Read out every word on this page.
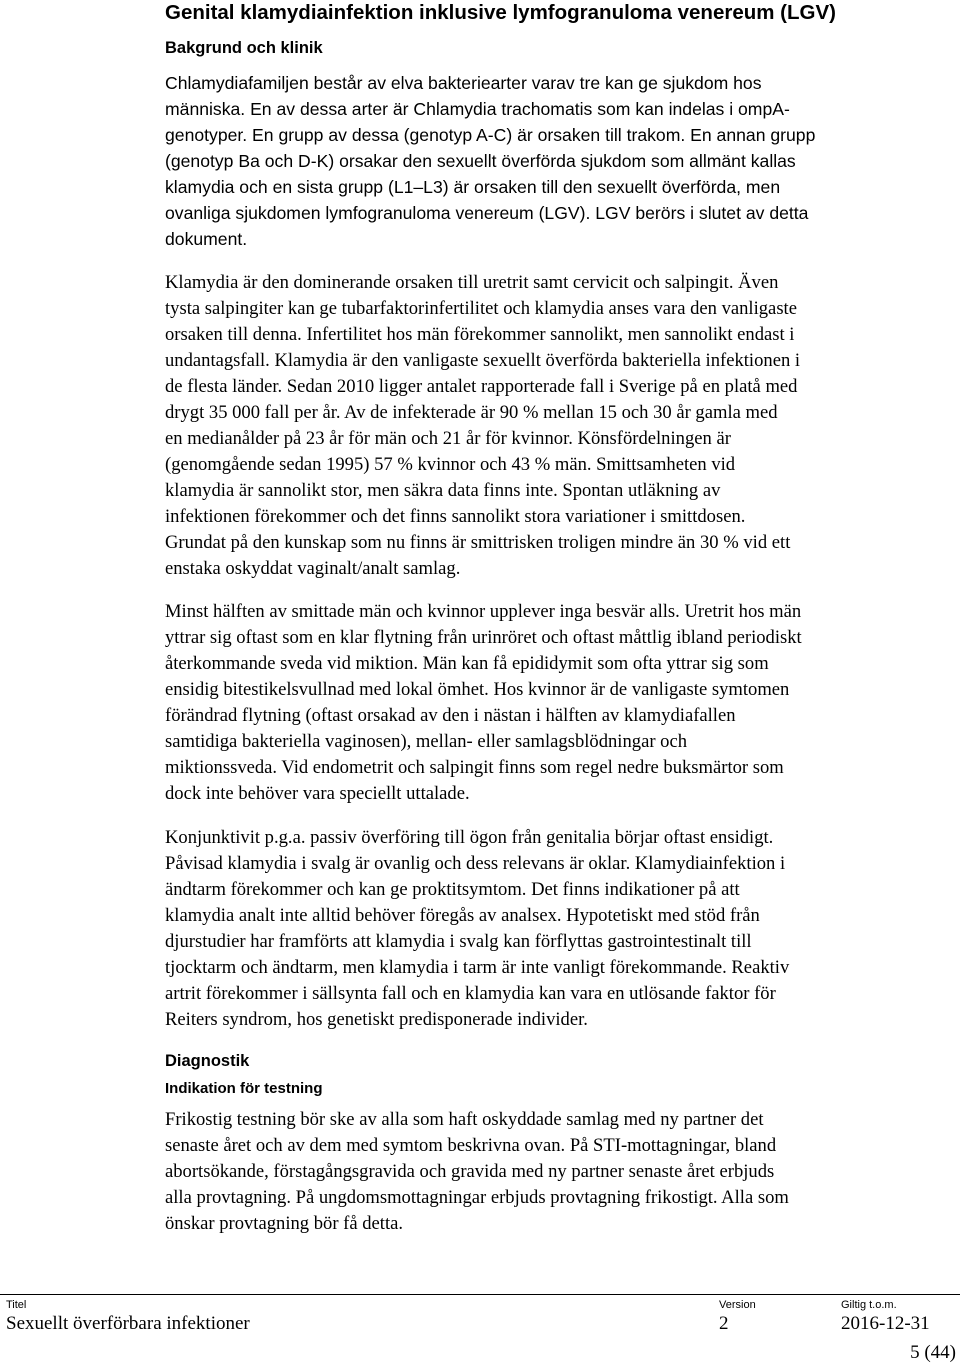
Genital klamydiainfektion inklusive lymfogranuloma venereum (LGV)
Bakgrund och klinik
Chlamydiafamiljen består av elva bakteriearter varav tre kan ge sjukdom hos
människa. En av dessa arter är Chlamydia trachomatis som kan indelas i ompA-
genotyper. En grupp av dessa (genotyp A-C) är orsaken till trakom. En annan grupp
(genotyp Ba och D-K) orsakar den sexuellt överförda sjukdom som allmänt kallas
klamydia och en sista grupp (L1–L3) är orsaken till den sexuellt överförda, men
ovanliga sjukdomen lymfogranuloma venereum (LGV). LGV berörs i slutet av detta
dokument.
Klamydia är den dominerande orsaken till uretrit samt cervicit och salpingit. Även
tysta salpingiter kan ge tubarfaktorinfertilitet och klamydia anses vara den vanligaste
orsaken till denna. Infertilitet hos män förekommer sannolikt, men sannolikt endast i
undantagsfall. Klamydia är den vanligaste sexuellt överförda bakteriella infektionen i
de flesta länder. Sedan 2010 ligger antalet rapporterade fall i Sverige på en platå med
drygt 35 000 fall per år. Av de infekterade är 90 % mellan 15 och 30 år gamla med
en medianålder på 23 år för män och 21 år för kvinnor. Könsfördelningen är
(genomgående sedan 1995) 57 % kvinnor och 43 % män. Smittsamheten vid
klamydia är sannolikt stor, men säkra data finns inte. Spontan utläkning av
infektionen förekommer och det finns sannolikt stora variationer i smittdosen.
Grundat på den kunskap som nu finns är smittrisken troligen mindre än 30 % vid ett
enstaka oskyddat vaginalt/analt samlag.
Minst hälften av smittade män och kvinnor upplever inga besvär alls. Uretrit hos män
yttrar sig oftast som en klar flytning från urinröret och oftast måttlig ibland periodiskt
återkommande sveda vid miktion. Män kan få epididymit som ofta yttrar sig som
ensidig bitestikelsvullnad med lokal ömhet. Hos kvinnor är de vanligaste symtomen
förändrad flytning (oftast orsakad av den i nästan i hälften av klamydiafallen
samtidiga bakteriella vaginosen), mellan- eller samlagsblödningar och
miktionssveda. Vid endometrit och salpingit finns som regel nedre buksmärtor som
dock inte behöver vara speciellt uttalade.
Konjunktivit p.g.a. passiv överföring till ögon från genitalia börjar oftast ensidigt.
Påvisad klamydia i svalg är ovanlig och dess relevans är oklar. Klamydiainfektion i
ändtarm förekommer och kan ge proktitsymtom. Det finns indikationer på att
klamydia analt inte alltid behöver föregås av analsex. Hypotetiskt med stöd från
djurstudier har framförts att klamydia i svalg kan förflyttas gastrointestinalt till
tjocktarm och ändtarm, men klamydia i tarm är inte vanligt förekommande. Reaktiv
artrit förekommer i sällsynta fall och en klamydia kan vara en utlösande faktor för
Reiters syndrom, hos genetiskt predisponerade individer.
Diagnostik
Indikation för testning
Frikostig testning bör ske av alla som haft oskyddade samlag med ny partner det
senaste året och av dem med symtom beskrivna ovan. På STI-mottagningar, bland
abortsökande, förstagångsgravida och gravida med ny partner senaste året erbjuds
alla provtagning. På ungdomsmottagningar erbjuds provtagning frikostigt. Alla som
önskar provtagning bör få detta.
Titel
Sexuellt överförbara infektioner
Version
2
Giltig t.o.m.
2016-12-31
5 (44)
